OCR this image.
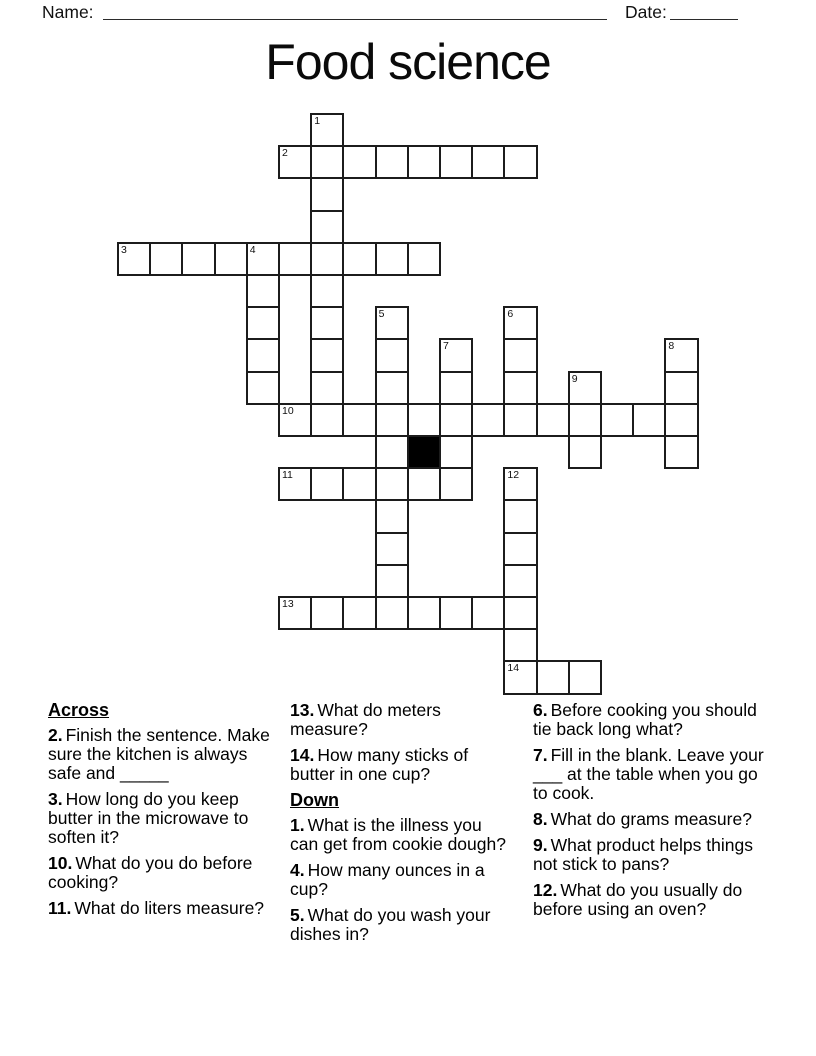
Name:	Date:
Food science
1
2
3	4
5	6
7	8
9
10
11	12
13
14

Across

2. Finish the sentence. Make sure the kitchen is always safe and _____

3. How long do you keep butter in the microwave to soften it?

10. What do you do before cooking?

11. What do liters measure?

13. What do meters measure?

14. How many sticks of butter in one cup?

Down

1. What is the illness you can get from cookie dough?

4. How many ounces in a cup?

5. What do you wash your dishes in?

6. Before cooking you should tie back long what?

7. Fill in the blank. Leave your ___ at the table when you go to cook.

8. What do grams measure?

9. What product helps things not stick to pans?

12. What do you usually do before using an oven?
